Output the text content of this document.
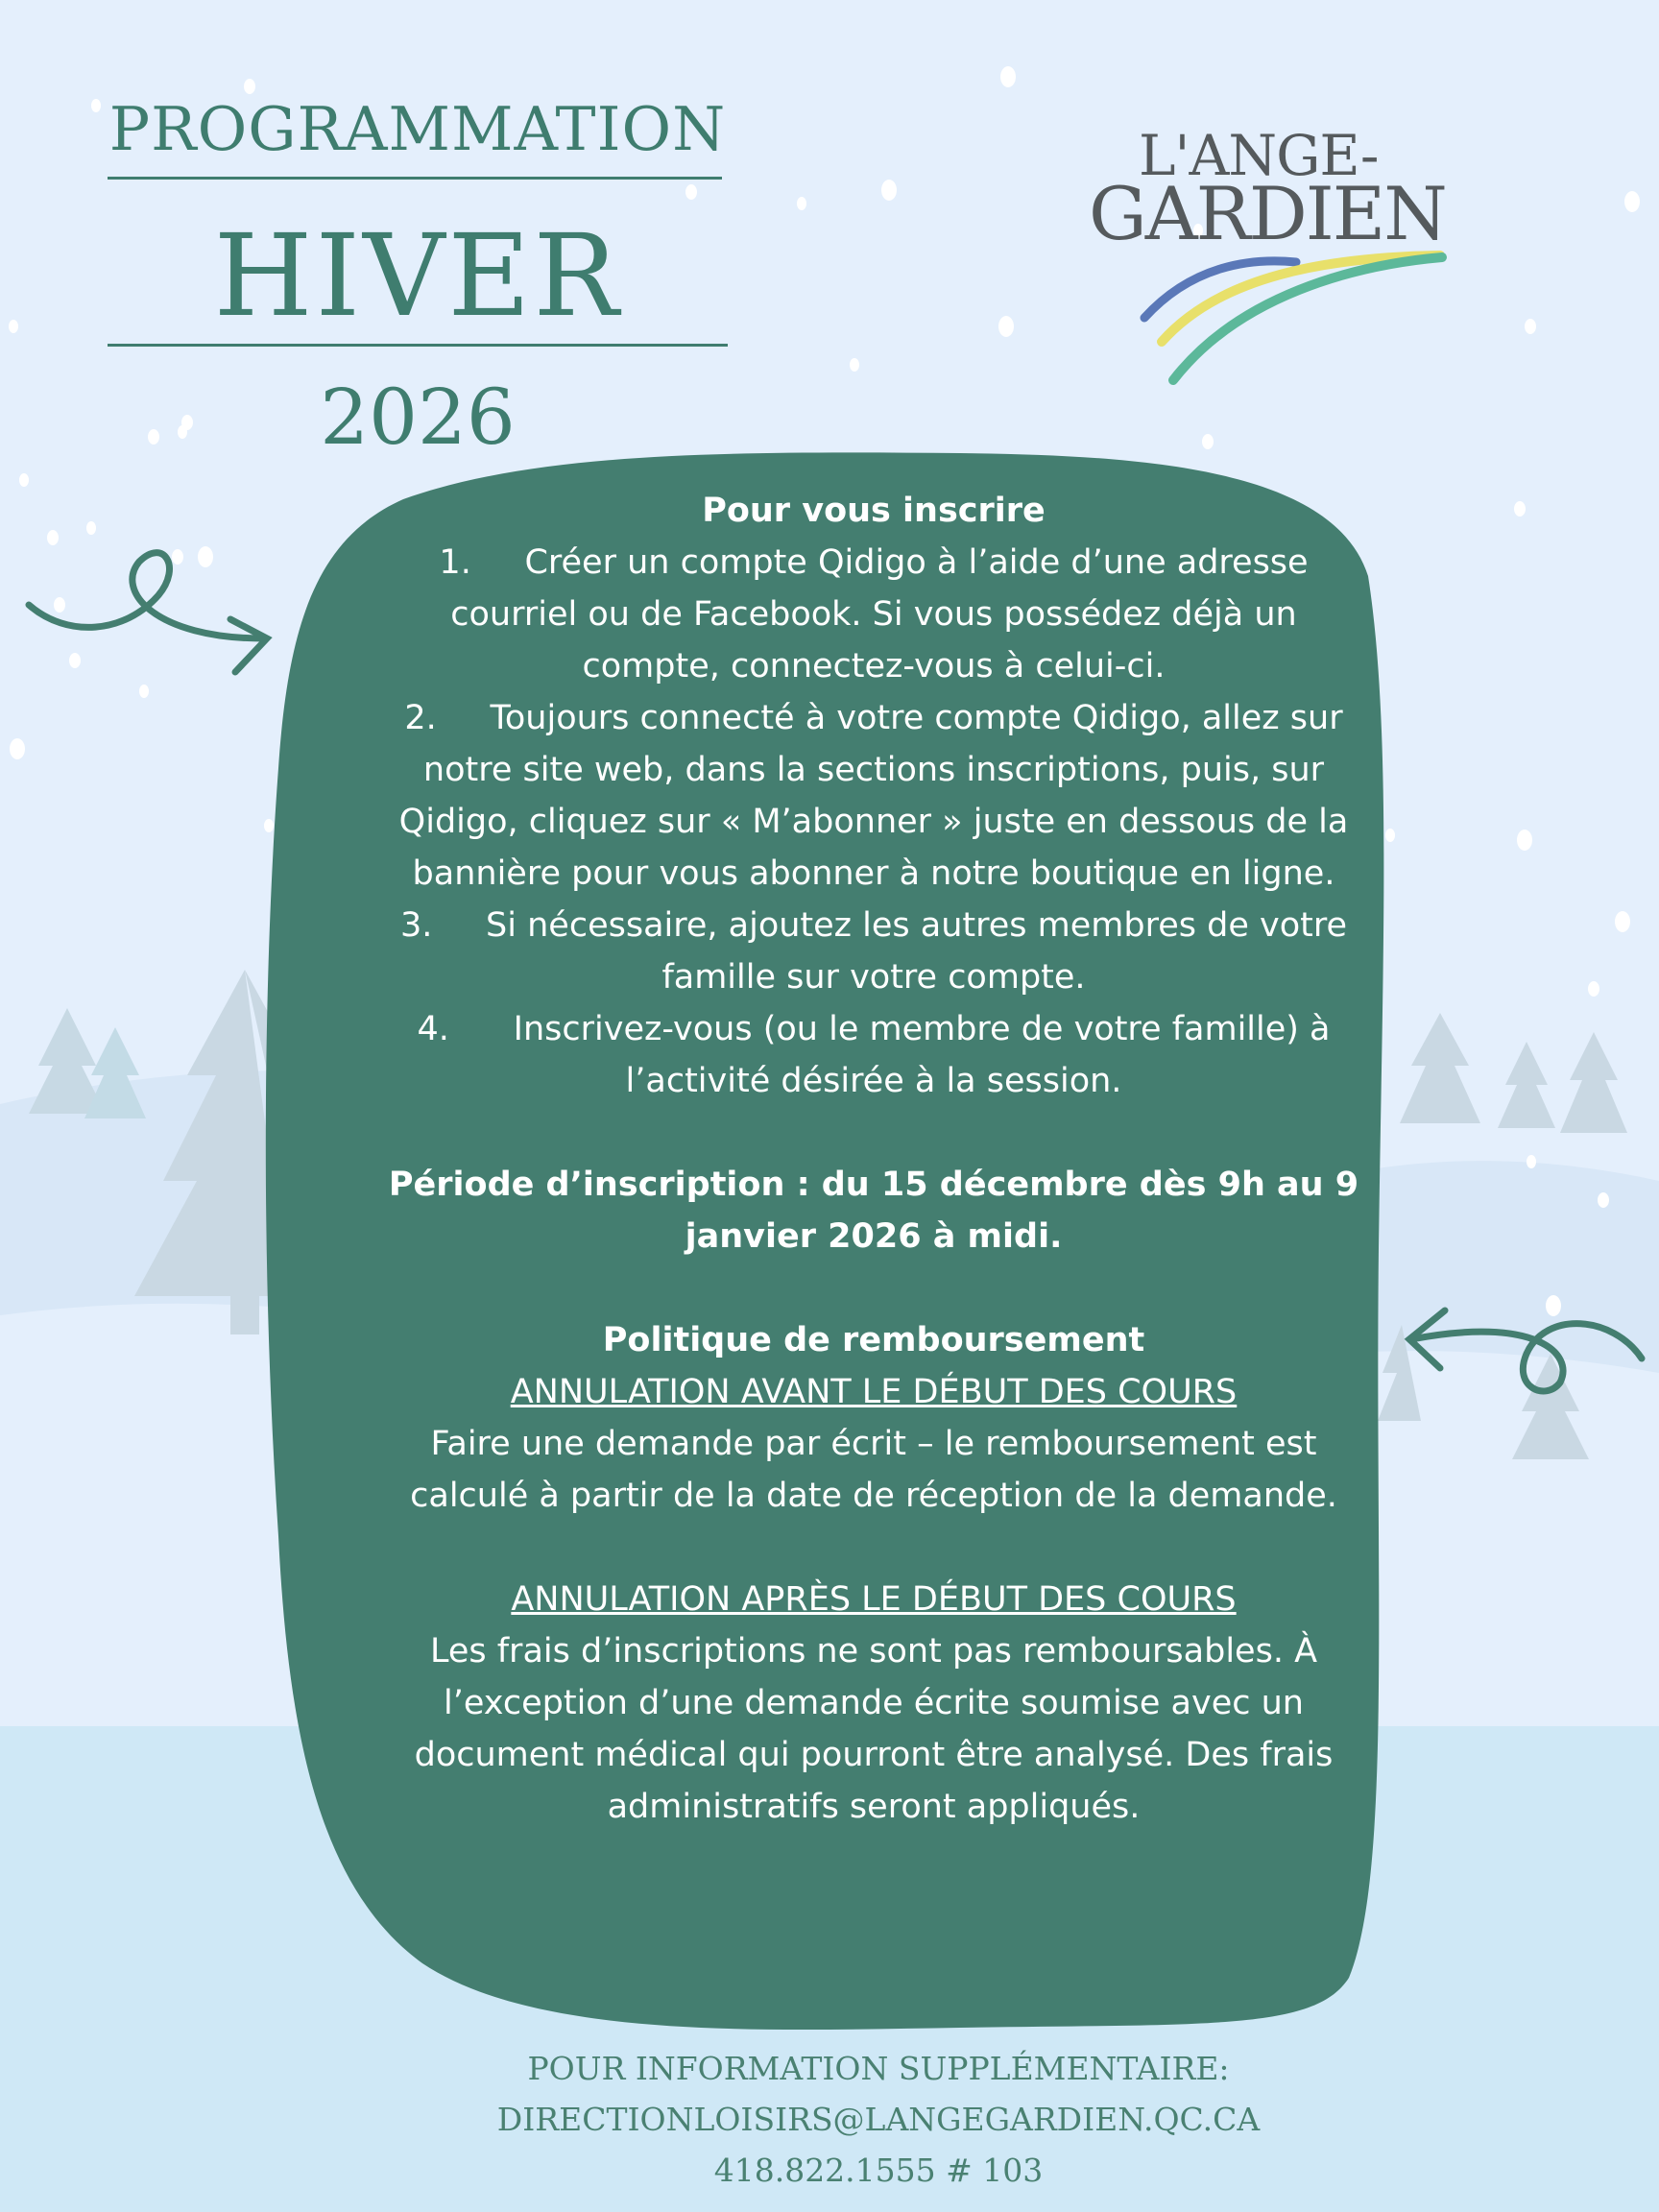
PROGRAMMATION
HIVER
2026
L'ANGE-
GARDIEN

Pour vous inscrire

1. Créer un compte Qidigo à l’aide d’une adresse

courriel ou de Facebook. Si vous possédez déjà un

compte, connectez-vous à celui-ci.

2. Toujours connecté à votre compte Qidigo, allez sur

notre site web, dans la sections inscriptions, puis, sur

Qidigo, cliquez sur « M’abonner » juste en dessous de la

bannière pour vous abonner à notre boutique en ligne.

3. Si nécessaire, ajoutez les autres membres de votre

famille sur votre compte.

4. Inscrivez-vous (ou le membre de votre famille) à

l’activité désirée à la session.

Période d’inscription : du 15 décembre dès 9h au 9

janvier 2026 à midi.

Politique de remboursement

ANNULATION AVANT LE DÉBUT DES COURS

Faire une demande par écrit – le remboursement est

calculé à partir de la date de réception de la demande.

ANNULATION APRÈS LE DÉBUT DES COURS

Les frais d’inscriptions ne sont pas remboursables. À

l’exception d’une demande écrite soumise avec un

document médical qui pourront être analysé. Des frais

administratifs seront appliqués.

POUR INFORMATION SUPPLÉMENTAIRE:
DIRECTIONLOISIRS@LANGEGARDIEN.QC.CA
418.822.1555 # 103
